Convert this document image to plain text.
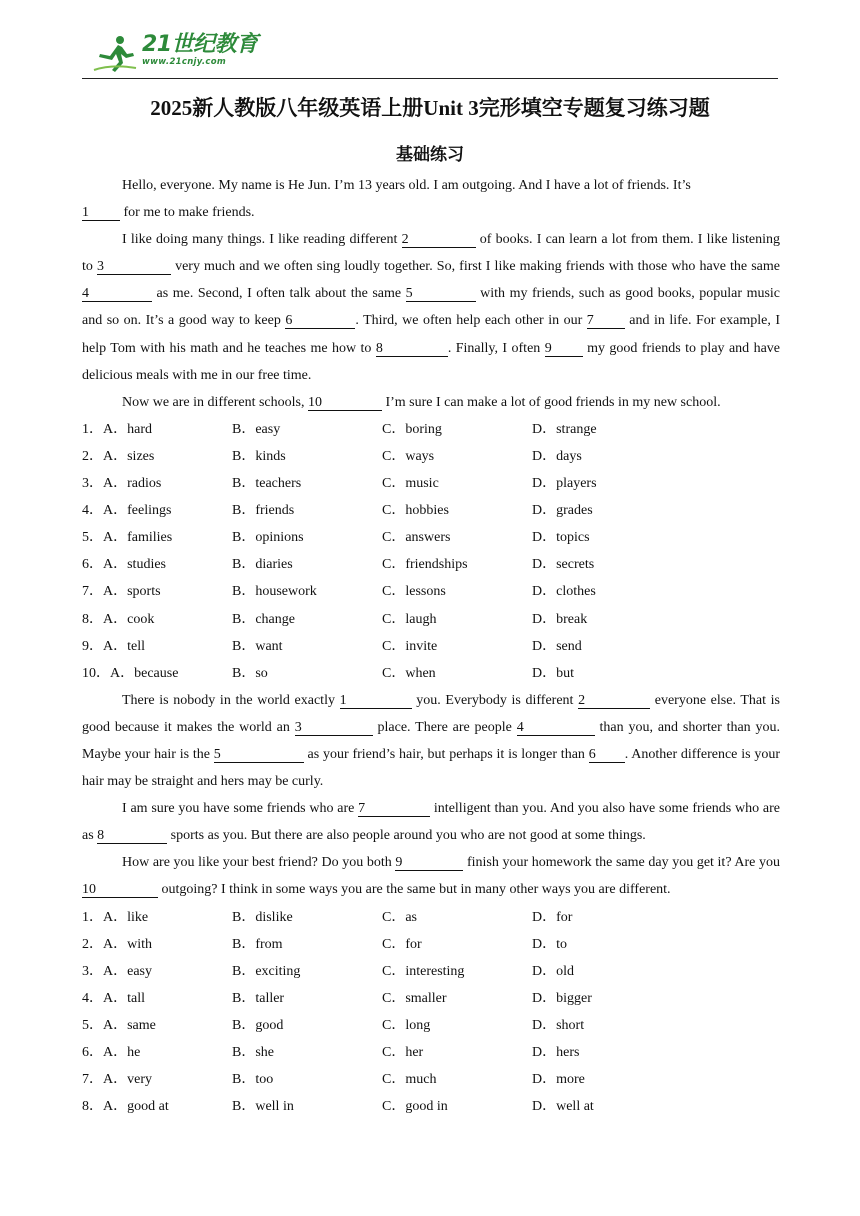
21世纪教育
www.21cnjy.com
2025新人教版八年级英语上册Unit 3完形填空专题复习练习题
基础练习

Hello, everyone. My name is He Jun. I’m 13 years old. I am outgoing. And I have a lot of friends. It’s
1 for me to make friends.

I like doing many things. I like reading different 2	of books. I can learn a lot from them. I like listening to 3	very much and we often sing loudly together. So, first I like making friends with those who have the same 4	as me. Second, I often talk about the same 5	with my friends, such as good books, popular music and so on. It’s a good way to keep 6	. Third, we often help each other in our 7 and in life. For example, I help Tom with his math and he teaches me how to 8	. Finally, I often 9 my good friends to play and have delicious meals with me in our free time.

Now we are in different schools, 10	I’m sure I can make a lot of good friends in my new school.

1．A．hard	B．easy	C．boring	D．strange
2．A．sizes	B．kinds	C．ways	D．days
3．A．radios	B．teachers	C．music	D．players
4．A．feelings	B．friends	C．hobbies	D．grades
5．A．families	B．opinions	C．answers	D．topics
6．A．studies	B．diaries	C．friendships	D．secrets
7．A．sports	B．housework	C．lessons	D．clothes
8．A．cook	B．change	C．laugh	D．break
9．A．tell	B．want	C．invite	D．send
10．A．because	B．so	C．when	D．but

There is nobody in the world exactly 1	you. Everybody is different 2	everyone else. That is good because it makes the world an 3	place. There are people 4	than you, and shorter than you. Maybe your hair is the 5	as your friend’s hair, but perhaps it is longer than 6 . Another difference is your hair may be straight and hers may be curly.

I am sure you have some friends who are 7	intelligent than you. And you also have some friends who are as 8	sports as you. But there are also people around you who are not good at some things.

How are you like your best friend? Do you both 9	finish your homework the same day you get it? Are you 10	outgoing? I think in some ways you are the same but in many other ways you are different.

1．A．like	B．dislike	C．as	D．for
2．A．with	B．from	C．for	D．to
3．A．easy	B．exciting	C．interesting	D．old
4．A．tall	B．taller	C．smaller	D．bigger
5．A．same	B．good	C．long	D．short
6．A．he	B．she	C．her	D．hers
7．A．very	B．too	C．much	D．more
8．A．good at	B．well in	C．good in	D．well at
